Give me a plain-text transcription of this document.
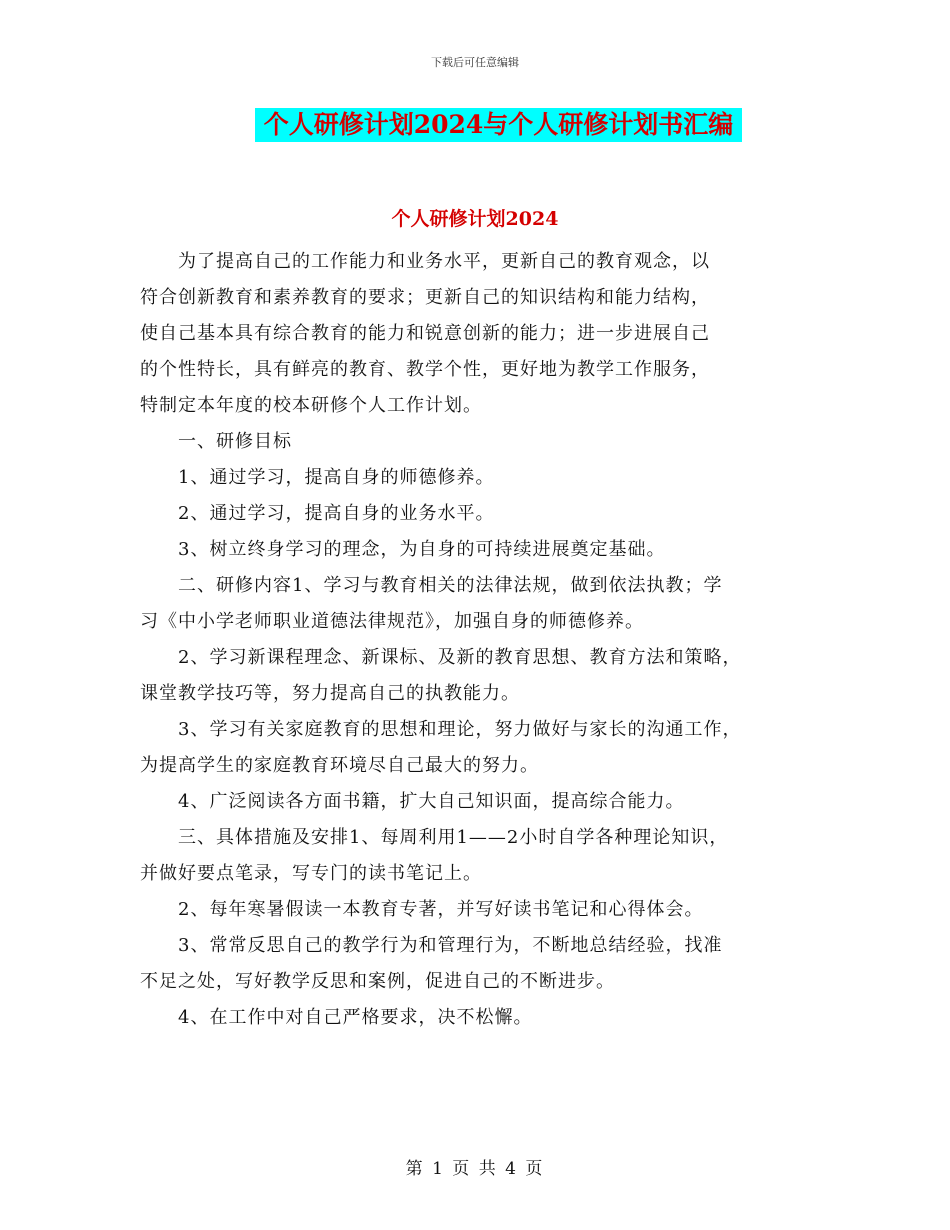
下载后可任意编辑
个人研修计划2024与个人研修计划书汇编
个人研修计划2024

　　为了提高自己的工作能力和业务水平，更新自己的教育观念，以

符合创新教育和素养教育的要求；更新自己的知识结构和能力结构，

使自己基本具有综合教育的能力和锐意创新的能力；进一步进展自己

的个性特长，具有鲜亮的教育、教学个性，更好地为教学工作服务，

特制定本年度的校本研修个人工作计划。

　　一、研修目标

　　1、通过学习，提高自身的师德修养。

　　2、通过学习，提高自身的业务水平。

　　3、树立终身学习的理念，为自身的可持续进展奠定基础。

　　二、研修内容1、学习与教育相关的法律法规，做到依法执教；学

习《中小学老师职业道德法律规范》，加强自身的师德修养。

　　2、学习新课程理念、新课标、及新的教育思想、教育方法和策略，

课堂教学技巧等，努力提高自己的执教能力。

　　3、学习有关家庭教育的思想和理论，努力做好与家长的沟通工作，

为提高学生的家庭教育环境尽自己最大的努力。

　　4、广泛阅读各方面书籍，扩大自己知识面，提高综合能力。

　　三、具体措施及安排1、每周利用1——2小时自学各种理论知识，

并做好要点笔录，写专门的读书笔记上。

　　2、每年寒暑假读一本教育专著，并写好读书笔记和心得体会。

　　3、常常反思自己的教学行为和管理行为，不断地总结经验，找准

不足之处，写好教学反思和案例，促进自己的不断进步。

　　4、在工作中对自己严格要求，决不松懈。

第 1 页 共 4 页
